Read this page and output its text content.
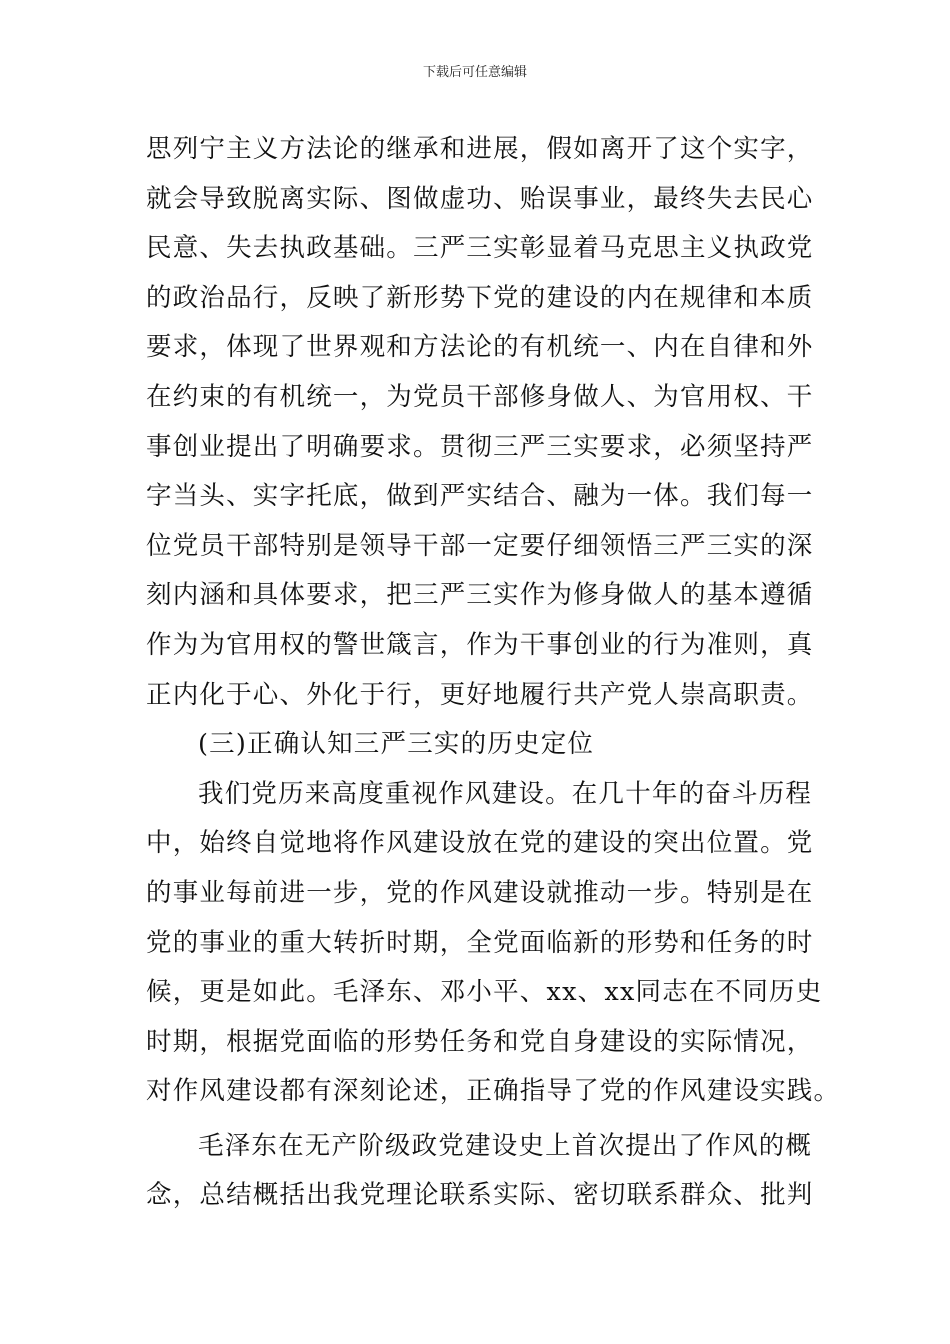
下载后可任意编辑
思列宁主义方法论的继承和进展，假如离开了这个实字，
就会导致脱离实际、图做虚功、贻误事业，最终失去民心
民意、失去执政基础。三严三实彰显着马克思主义执政党
的政治品行，反映了新形势下党的建设的内在规律和本质
要求，体现了世界观和方法论的有机统一、内在自律和外
在约束的有机统一，为党员干部修身做人、为官用权、干
事创业提出了明确要求。贯彻三严三实要求，必须坚持严
字当头、实字托底，做到严实结合、融为一体。我们每一
位党员干部特别是领导干部一定要仔细领悟三严三实的深
刻内涵和具体要求，把三严三实作为修身做人的基本遵循
作为为官用权的警世箴言，作为干事创业的行为准则，真
正内化于心、外化于行，更好地履行共产党人崇高职责。
(三)正确认知三严三实的历史定位
我们党历来高度重视作风建设。在几十年的奋斗历程
中，始终自觉地将作风建设放在党的建设的突出位置。党
的事业每前进一步，党的作风建设就推动一步。特别是在
党的事业的重大转折时期，全党面临新的形势和任务的时
候，更是如此。毛泽东、邓小平、xx、xx同志在不同历史
时期，根据党面临的形势任务和党自身建设的实际情况，
对作风建设都有深刻论述，正确指导了党的作风建设实践。
毛泽东在无产阶级政党建设史上首次提出了作风的概
念，总结概括出我党理论联系实际、密切联系群众、批判
